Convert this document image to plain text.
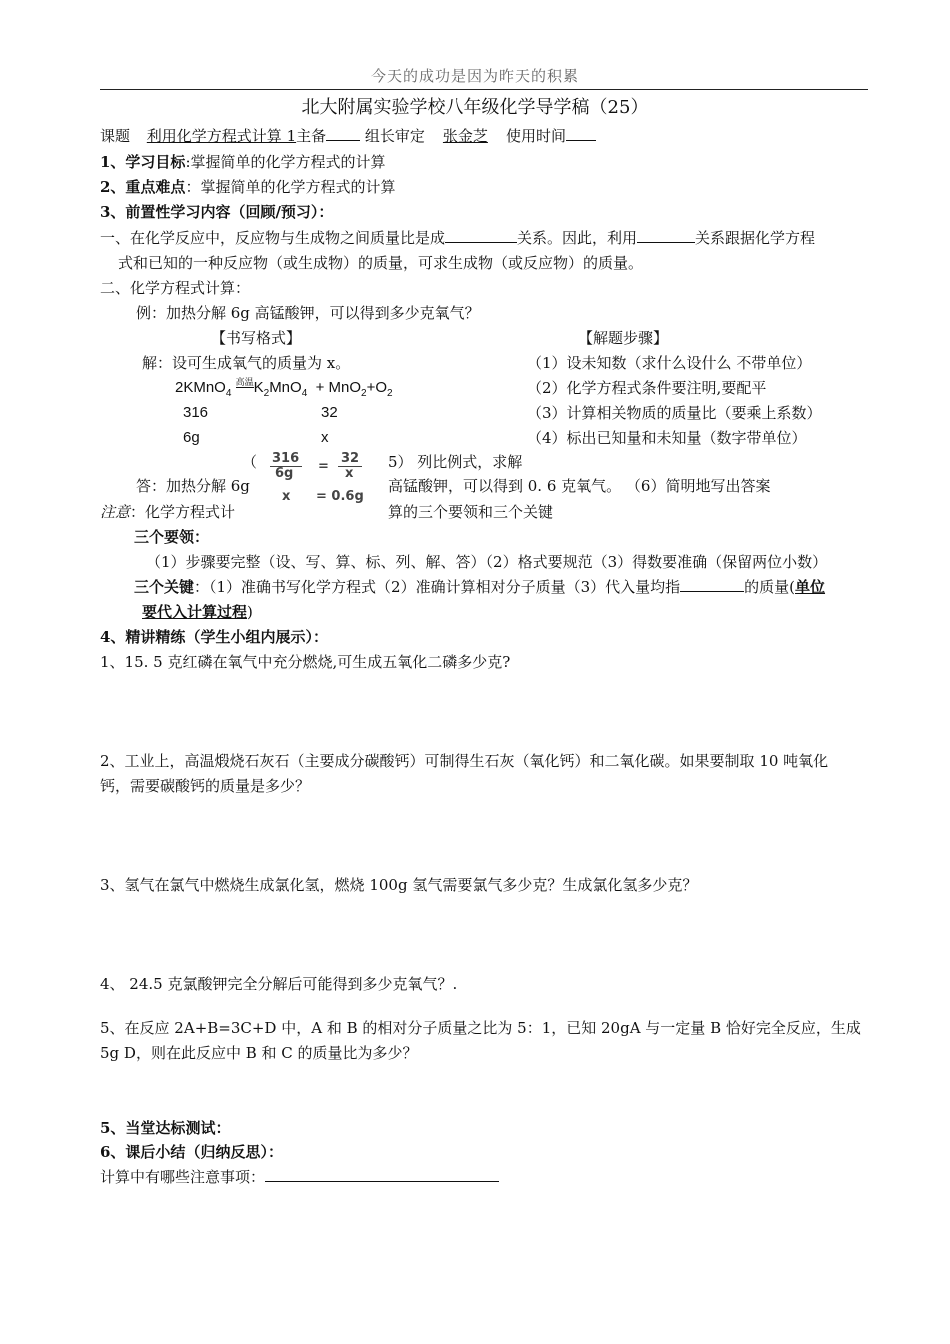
今天的成功是因为昨天的积累
北大附属实验学校八年级化学导学稿（25）
课题 利用化学方程式计算 1主备	组长审定 张金芝 使用时间
1、学习目标:掌握简单的化学方程式的计算
2、重点难点：掌握简单的化学方程式的计算
3、前置性学习内容（回顾/预习）：
一、在化学反应中，反应物与生成物之间质量比是成	关系。因此，利用	关系跟据化学方程
式和已知的一种反应物（或生成物）的质量，可求生成物（或反应物）的质量。
二、化学方程式计算：
例：加热分解 6g 高锰酸钾，可以得到多少克氧气？
【书写格式】	【解题步骤】
解：设可生成氧气的质量为 x。
2KMnO$_4$ $^{高温}K_2MnO_4 + MnO_2+O_2$
316	32
6g	x
（1）设未知数（求什么设什么 不带单位）
（2）化学方程式条件要注明,要配平
（3）计算相关物质的质量比（要乘上系数）
（4）标出已知量和未知量（数字带单位）
（	5） 列比例式，求解
316
6g =
32
x
x = 0.6g
答：加热分解 6g	高锰酸钾，可以得到 0. 6 克氧气。 （6）简明地写出答案
注意：化学方程式计	算的三个要领和三个关键
三个要领：
（1）步骤要完整（设、写、算、标、列、解、答）（2）格式要规范（3）得数要准确（保留两位小数）
三个关键：（1）准确书写化学方程式（2）准确计算相对分子质量（3）代入量均指	的质量(单位
要代入计算过程)
4、精讲精练（学生小组内展示）：
1、15. 5 克红磷在氧气中充分燃烧,可生成五氧化二磷多少克?
2、工业上，高温煅烧石灰石（主要成分碳酸钙）可制得生石灰（氧化钙）和二氧化碳。如果要制取 10 吨氧化
钙，需要碳酸钙的质量是多少？
3、氢气在氯气中燃烧生成氯化氢，燃烧 100g 氢气需要氯气多少克？生成氯化氢多少克？
4、 24.5 克氯酸钾完全分解后可能得到多少克氧气？.
5、在反应 2A+B=3C+D 中，A 和 B 的相对分子质量之比为 5：1，已知 20gA 与一定量 B 恰好完全反应，生成
5g D，则在此反应中 B 和 C 的质量比为多少？
5、当堂达标测试：
6、课后小结（归纳反思）：
计算中有哪些注意事项：
